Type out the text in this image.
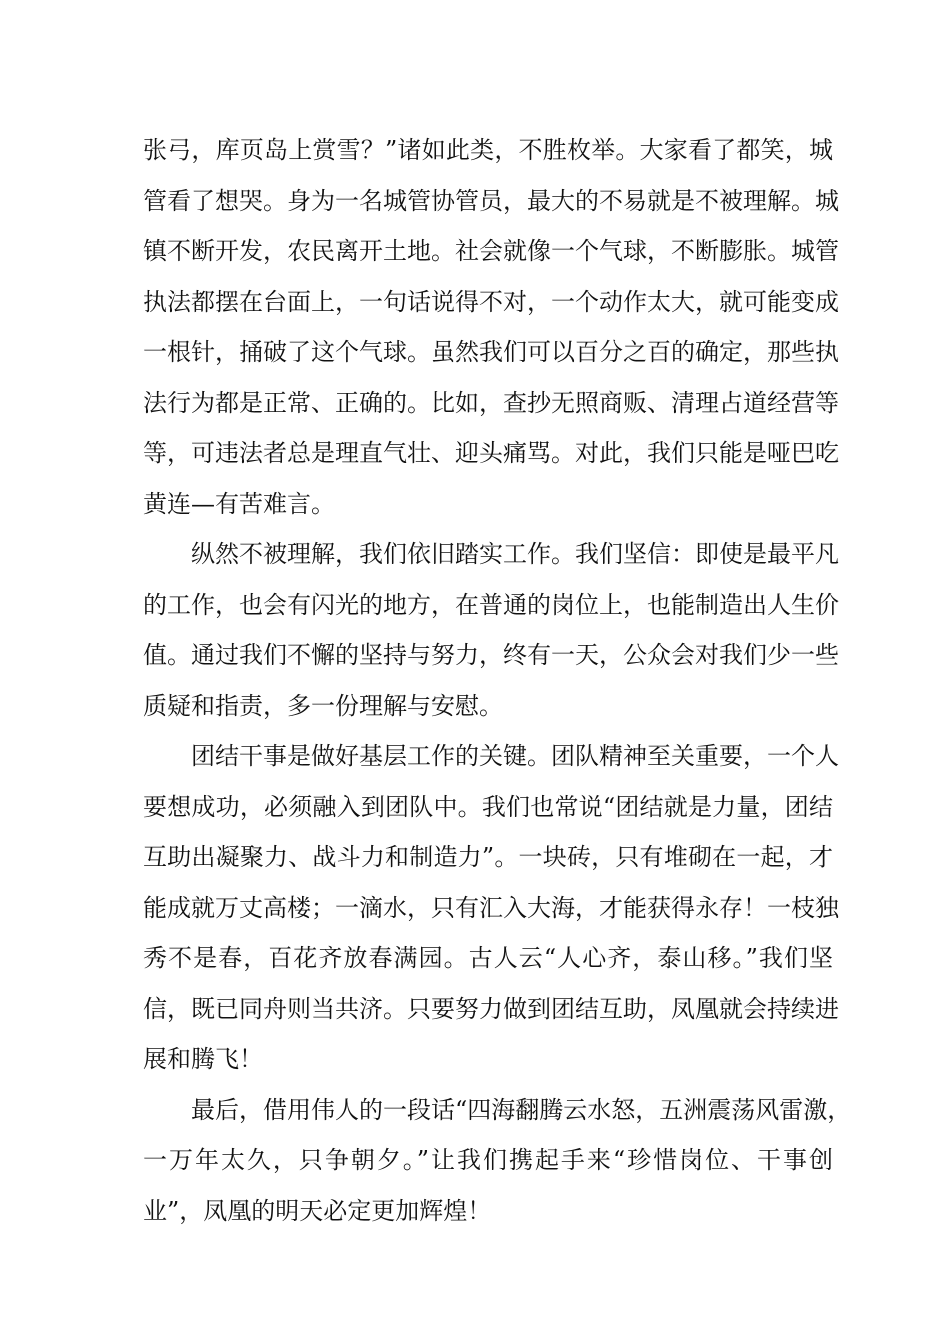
张弓，库页岛上赏雪？”诸如此类，不胜枚举。大家看了都笑，城
管看了想哭。身为一名城管协管员，最大的不易就是不被理解。城
镇不断开发，农民离开土地。社会就像一个气球，不断膨胀。城管
执法都摆在台面上，一句话说得不对，一个动作太大，就可能变成
一根针，捅破了这个气球。虽然我们可以百分之百的确定，那些执
法行为都是正常、正确的。比如，查抄无照商贩、清理占道经营等
等，可违法者总是理直气壮、迎头痛骂。对此，我们只能是哑巴吃
黄连—有苦难言。
纵然不被理解，我们依旧踏实工作。我们坚信：即使是最平凡
的工作，也会有闪光的地方，在普通的岗位上，也能制造出人生价
值。通过我们不懈的坚持与努力，终有一天，公众会对我们少一些
质疑和指责，多一份理解与安慰。
团结干事是做好基层工作的关键。团队精神至关重要，一个人
要想成功，必须融入到团队中。我们也常说“团结就是力量，团结
互助出凝聚力、战斗力和制造力”。一块砖，只有堆砌在一起，才
能成就万丈高楼；一滴水，只有汇入大海，才能获得永存！一枝独
秀不是春，百花齐放春满园。古人云“人心齐，泰山移。”我们坚
信，既已同舟则当共济。只要努力做到团结互助，凤凰就会持续进
展和腾飞！
最后，借用伟人的一段话“四海翻腾云水怒，五洲震荡风雷激，
一万年太久，只争朝夕。”让我们携起手来“珍惜岗位、干事创
业”，凤凰的明天必定更加辉煌！
